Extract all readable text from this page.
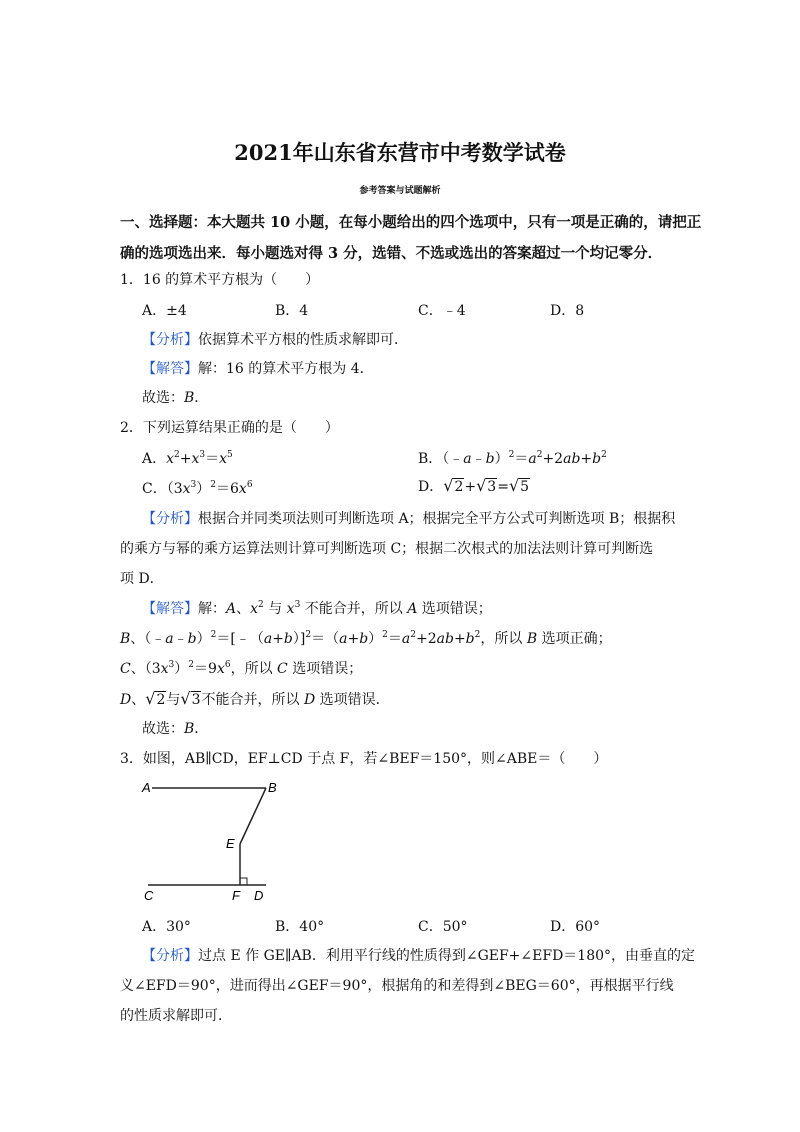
2021年山东省东营市中考数学试卷
参考答案与试题解析
一、选择题：本大题共 10 小题，在每小题给出的四个选项中，只有一项是正确的，请把正
确的选项选出来．每小题选对得 3 分，选错、不选或选出的答案超过一个均记零分．
1．16 的算术平方根为（　　）
A．±4	B．4	C．﹣4	D．8
【分析】依据算术平方根的性质求解即可．
【解答】解：16 的算术平方根为 4．
故选：B．
2．下列运算结果正确的是（　　）
A．$x^2+x^3=x^5$	B．$(﹣a﹣b)^2=a^2+2ab+b^2$
C．$(3x^3)^2=6x^6$	D．√2+√3=√5
【分析】根据合并同类项法则可判断选项 A；根据完全平方公式可判断选项 B；根据积
的乘方与幂的乘方运算法则计算可判断选项 C；根据二次根式的加法法则计算可判断选
项 D．
【解答】解：A、$x^2$ 与 $x^3$ 不能合并，所以 A 选项错误；
B、$(﹣a﹣b)^2=[﹣(a+b)]^2=(a+b)^2=a^2+2ab+b^2$，所以 B 选项正确；
C、$(3x^3)^2=9x^6$，所以 C 选项错误；
D、√2与√3不能合并，所以 D 选项错误．
故选：B．
3．如图，AB∥CD，EF⊥CD 于点 F，若∠BEF＝150°，则∠ABE＝（　　）
A	B
E
C	F D
A．30°	B．40°	C．50°	D．60°
【分析】过点 E 作 GE∥AB．利用平行线的性质得到∠GEF+∠EFD＝180°，由垂直的定
义∠EFD＝90°，进而得出∠GEF＝90°，根据角的和差得到∠BEG＝60°，再根据平行线
的性质求解即可．
